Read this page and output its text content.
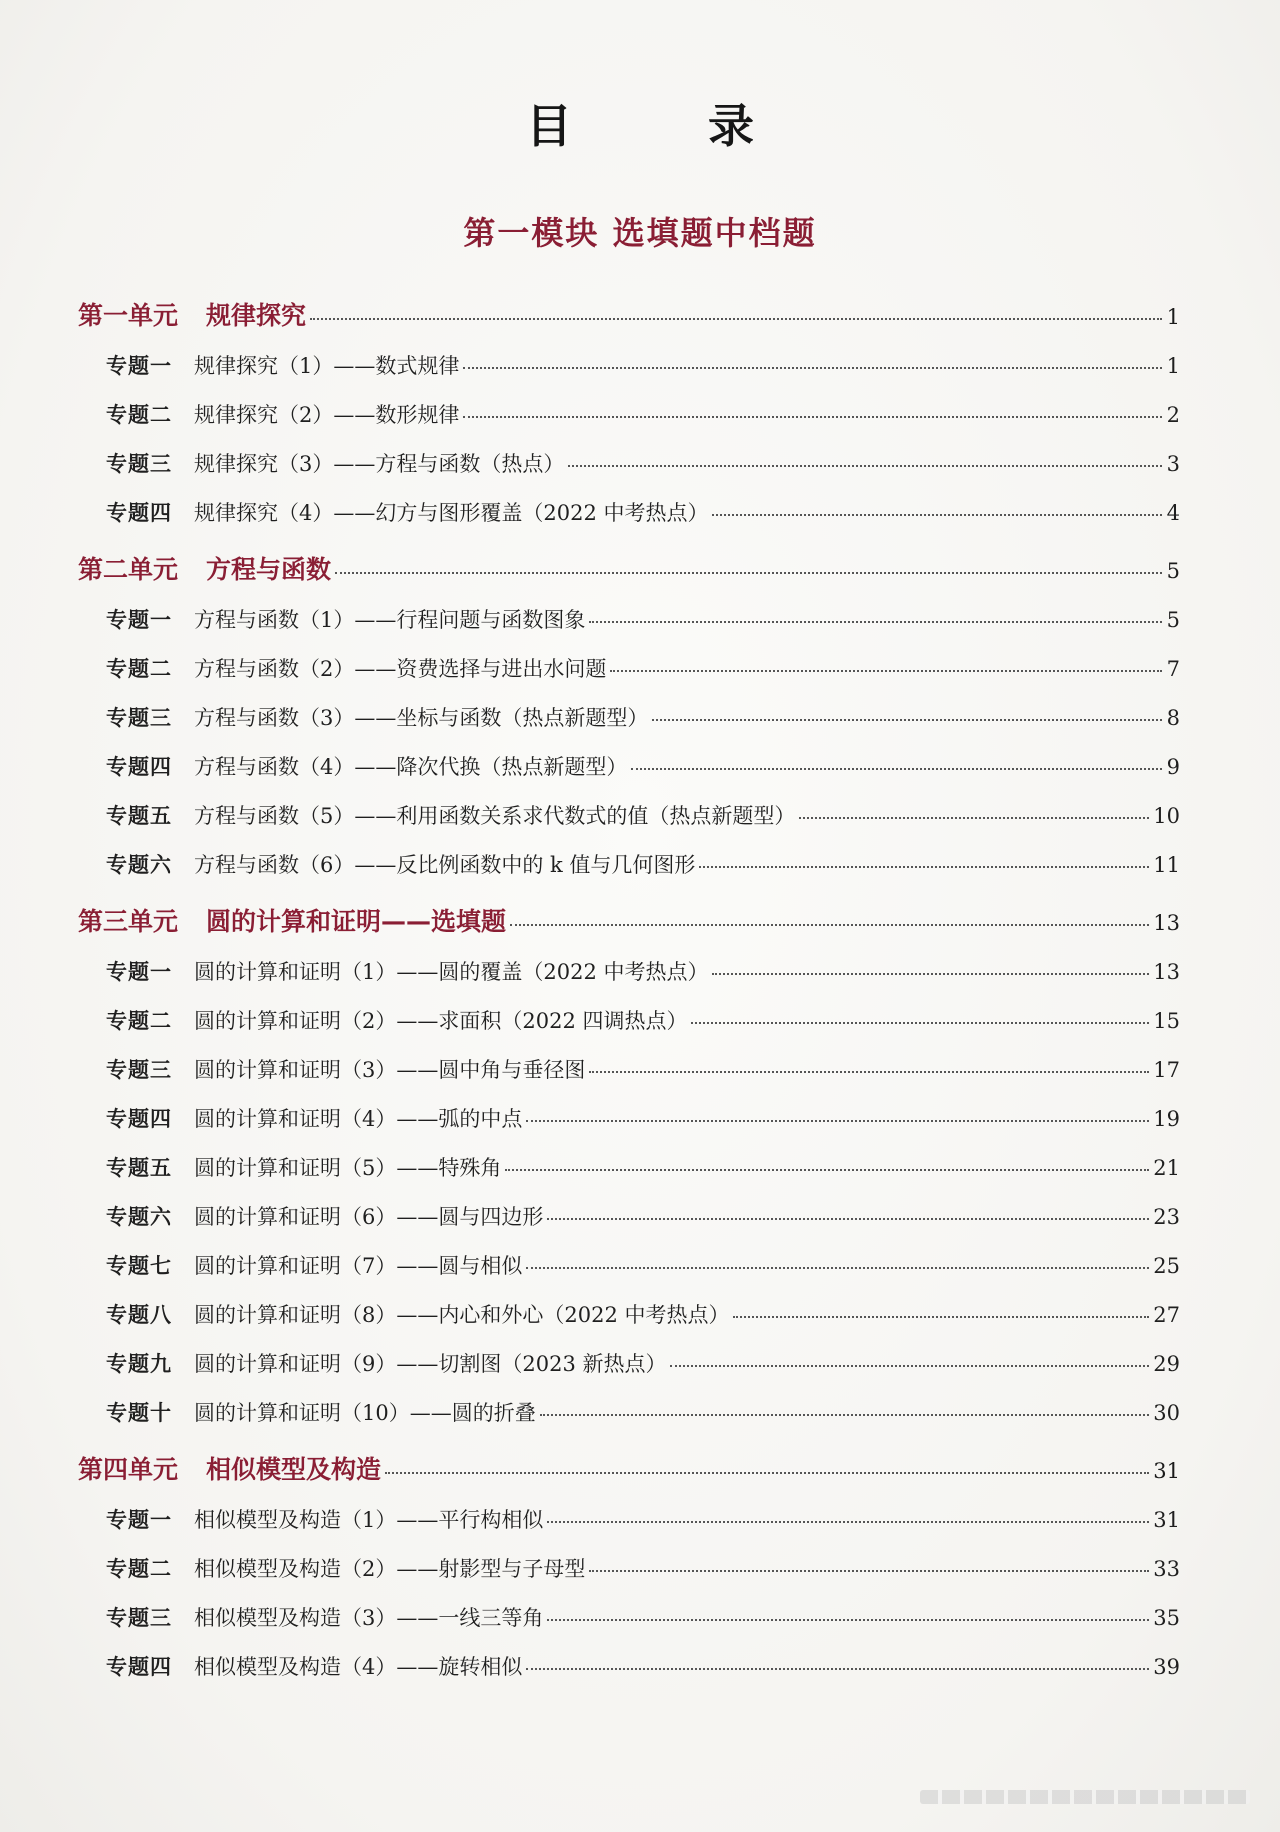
目 录
第一模块 选填题中档题
第一单元 规律探究	1
专题一 规律探究（1）——数式规律	1
专题二 规律探究（2）——数形规律	2
专题三 规律探究（3）——方程与函数（热点）	3
专题四 规律探究（4）——幻方与图形覆盖（2022 中考热点）	4
第二单元 方程与函数	5
专题一 方程与函数（1）——行程问题与函数图象	5
专题二 方程与函数（2）——资费选择与进出水问题	7
专题三 方程与函数（3）——坐标与函数（热点新题型）	8
专题四 方程与函数（4）——降次代换（热点新题型）	9
专题五 方程与函数（5）——利用函数关系求代数式的值（热点新题型）	10
专题六 方程与函数（6）——反比例函数中的 k 值与几何图形	11
第三单元 圆的计算和证明——选填题	13
专题一 圆的计算和证明（1）——圆的覆盖（2022 中考热点）	13
专题二 圆的计算和证明（2）——求面积（2022 四调热点）	15
专题三 圆的计算和证明（3）——圆中角与垂径图	17
专题四 圆的计算和证明（4）——弧的中点	19
专题五 圆的计算和证明（5）——特殊角	21
专题六 圆的计算和证明（6）——圆与四边形	23
专题七 圆的计算和证明（7）——圆与相似	25
专题八 圆的计算和证明（8）——内心和外心（2022 中考热点）	27
专题九 圆的计算和证明（9）——切割图（2023 新热点）	29
专题十 圆的计算和证明（10）——圆的折叠	30
第四单元 相似模型及构造	31
专题一 相似模型及构造（1）——平行构相似	31
专题二 相似模型及构造（2）——射影型与子母型	33
专题三 相似模型及构造（3）——一线三等角	35
专题四 相似模型及构造（4）——旋转相似	39
